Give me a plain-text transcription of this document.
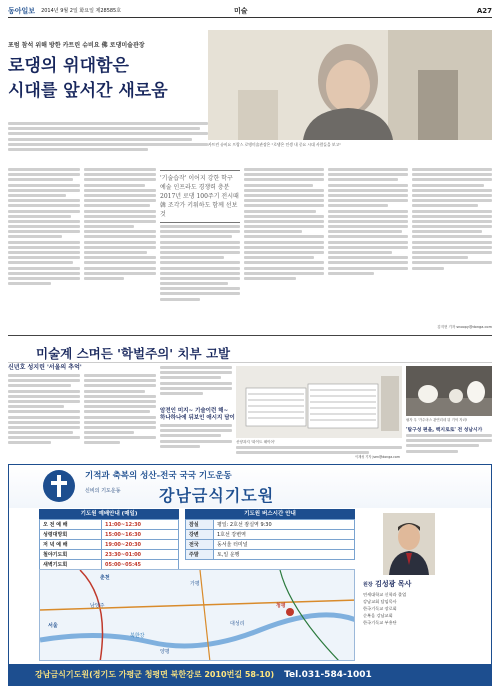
동아일보 2014년 9월 2일 화요일
제28585호	미술	A27
포럼 참석 위해 방한 카트린 슈비요 佛 로댕미술관장
로댕의 위대함은
시대를 앞서간 새로움
카트린 슈비요 프랑스 로댕미술관장은 "로댕은 인생 내 중요 시대 사람들을 보고"
'기술습작' 이어지 강한 학구
예술 인프라도 경쟁력 충분
2017년 로댕 100주기 전시때
韓 조각가 키워하도 함께 선보 것
김지현 기자 snoopy@donga.com
미술계 스며든 '학벌주의' 치부 고발
신년호 성지린 '서울의 추억'
암전인 미지~ 기술이런 해~
하나하나에 뒤보인 애시지 담이
신양과지 '화이트 헤이어'
필자 우 '가수마스 관연리네 뒤 기억 자녀!
'탑구성 편을, 백지로로' 전 성남시가
이재성 기자 jsen@donga.com
기적과 축복의 성산-전국 국국 기도운동
강남금식기도원
신비의 기도운동
기도원 예배안내 (매일)
오 전 예 배	11:00~12:30
성령대망회	15:00~16:30
저 녁 예 배	19:00~20:30
철야기도회	23:30~01:00
새벽기도회	05:00~05:45
기도원 버스시간 안내
잠실	평일: 2호선 잠실역 9:30
강변	1호선 강변역
전국	동서울 터미널
주말	토,일 운행
춘천
청평
가평
대성리
양평
서울
북한강
남양주
원장 김성광 목사
연세대학교 신학과 졸업
강남교회 담임목사
한국기독교 장로회
순복음 강남교회
한국기독교 부흥단
강남금식기도원(경기도 가평군 청평면 북한강로 2010번길 58-10) Tel.031-584-1001
